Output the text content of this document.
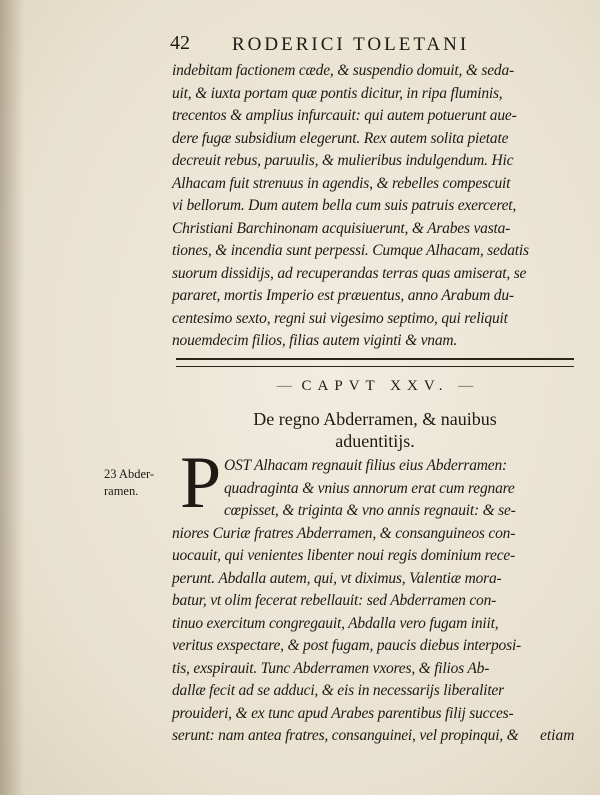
42 RODERICI TOLETANI
indebitam factionem cæde, & suspendio domuit, & seda-
uit, & iuxta portam quæ pontis dicitur, in ripa fluminis,
trecentos & amplius infurcauit: qui autem potuerunt aue-
dere fugæ subsidium elegerunt. Rex autem solita pietate
decreuit rebus, paruulis, & mulieribus indulgendum. Hic
Alhacam fuit strenuus in agendis, & rebelles compescuit
vi bellorum. Dum autem bella cum suis patruis exerceret,
Christiani Barchinonam acquisiuerunt, & Arabes vasta-
tiones, & incendia sunt perpessi. Cumque Alhacam, sedatis
suorum dissidijs, ad recuperandas terras quas amiserat, se
pararet, mortis Imperio est præuentus, anno Arabum du-
centesimo sexto, regni sui vigesimo septimo, qui reliquit
nouemdecim filios, filias autem viginti & vnam.
— CAPVT XXV. —
De regno Abderramen, & nauibus
aduentitijs.
23 Abder-
ramen. P OST Alhacam regnauit filius eius Abderramen:
quadraginta & vnius annorum erat cum regnare
cœpisset, & triginta & vno annis regnauit: & se-
niores Curiæ fratres Abderramen, & consanguineos con-
uocauit, qui venientes libenter noui regis dominium rece-
perunt. Abdalla autem, qui, vt diximus, Valentiæ mora-
batur, vt olim fecerat rebellauit: sed Abderramen con-
tinuo exercitum congregauit, Abdalla vero fugam iniit,
veritus exspectare, & post fugam, paucis diebus interposi-
tis, exspirauit. Tunc Abderramen vxores, & filios Ab-
dallæ fecit ad se adduci, & eis in necessarijs liberaliter
prouideri, & ex tunc apud Arabes parentibus filij succes-
serunt: nam antea fratres, consanguinei, vel propinqui, &	etiam
